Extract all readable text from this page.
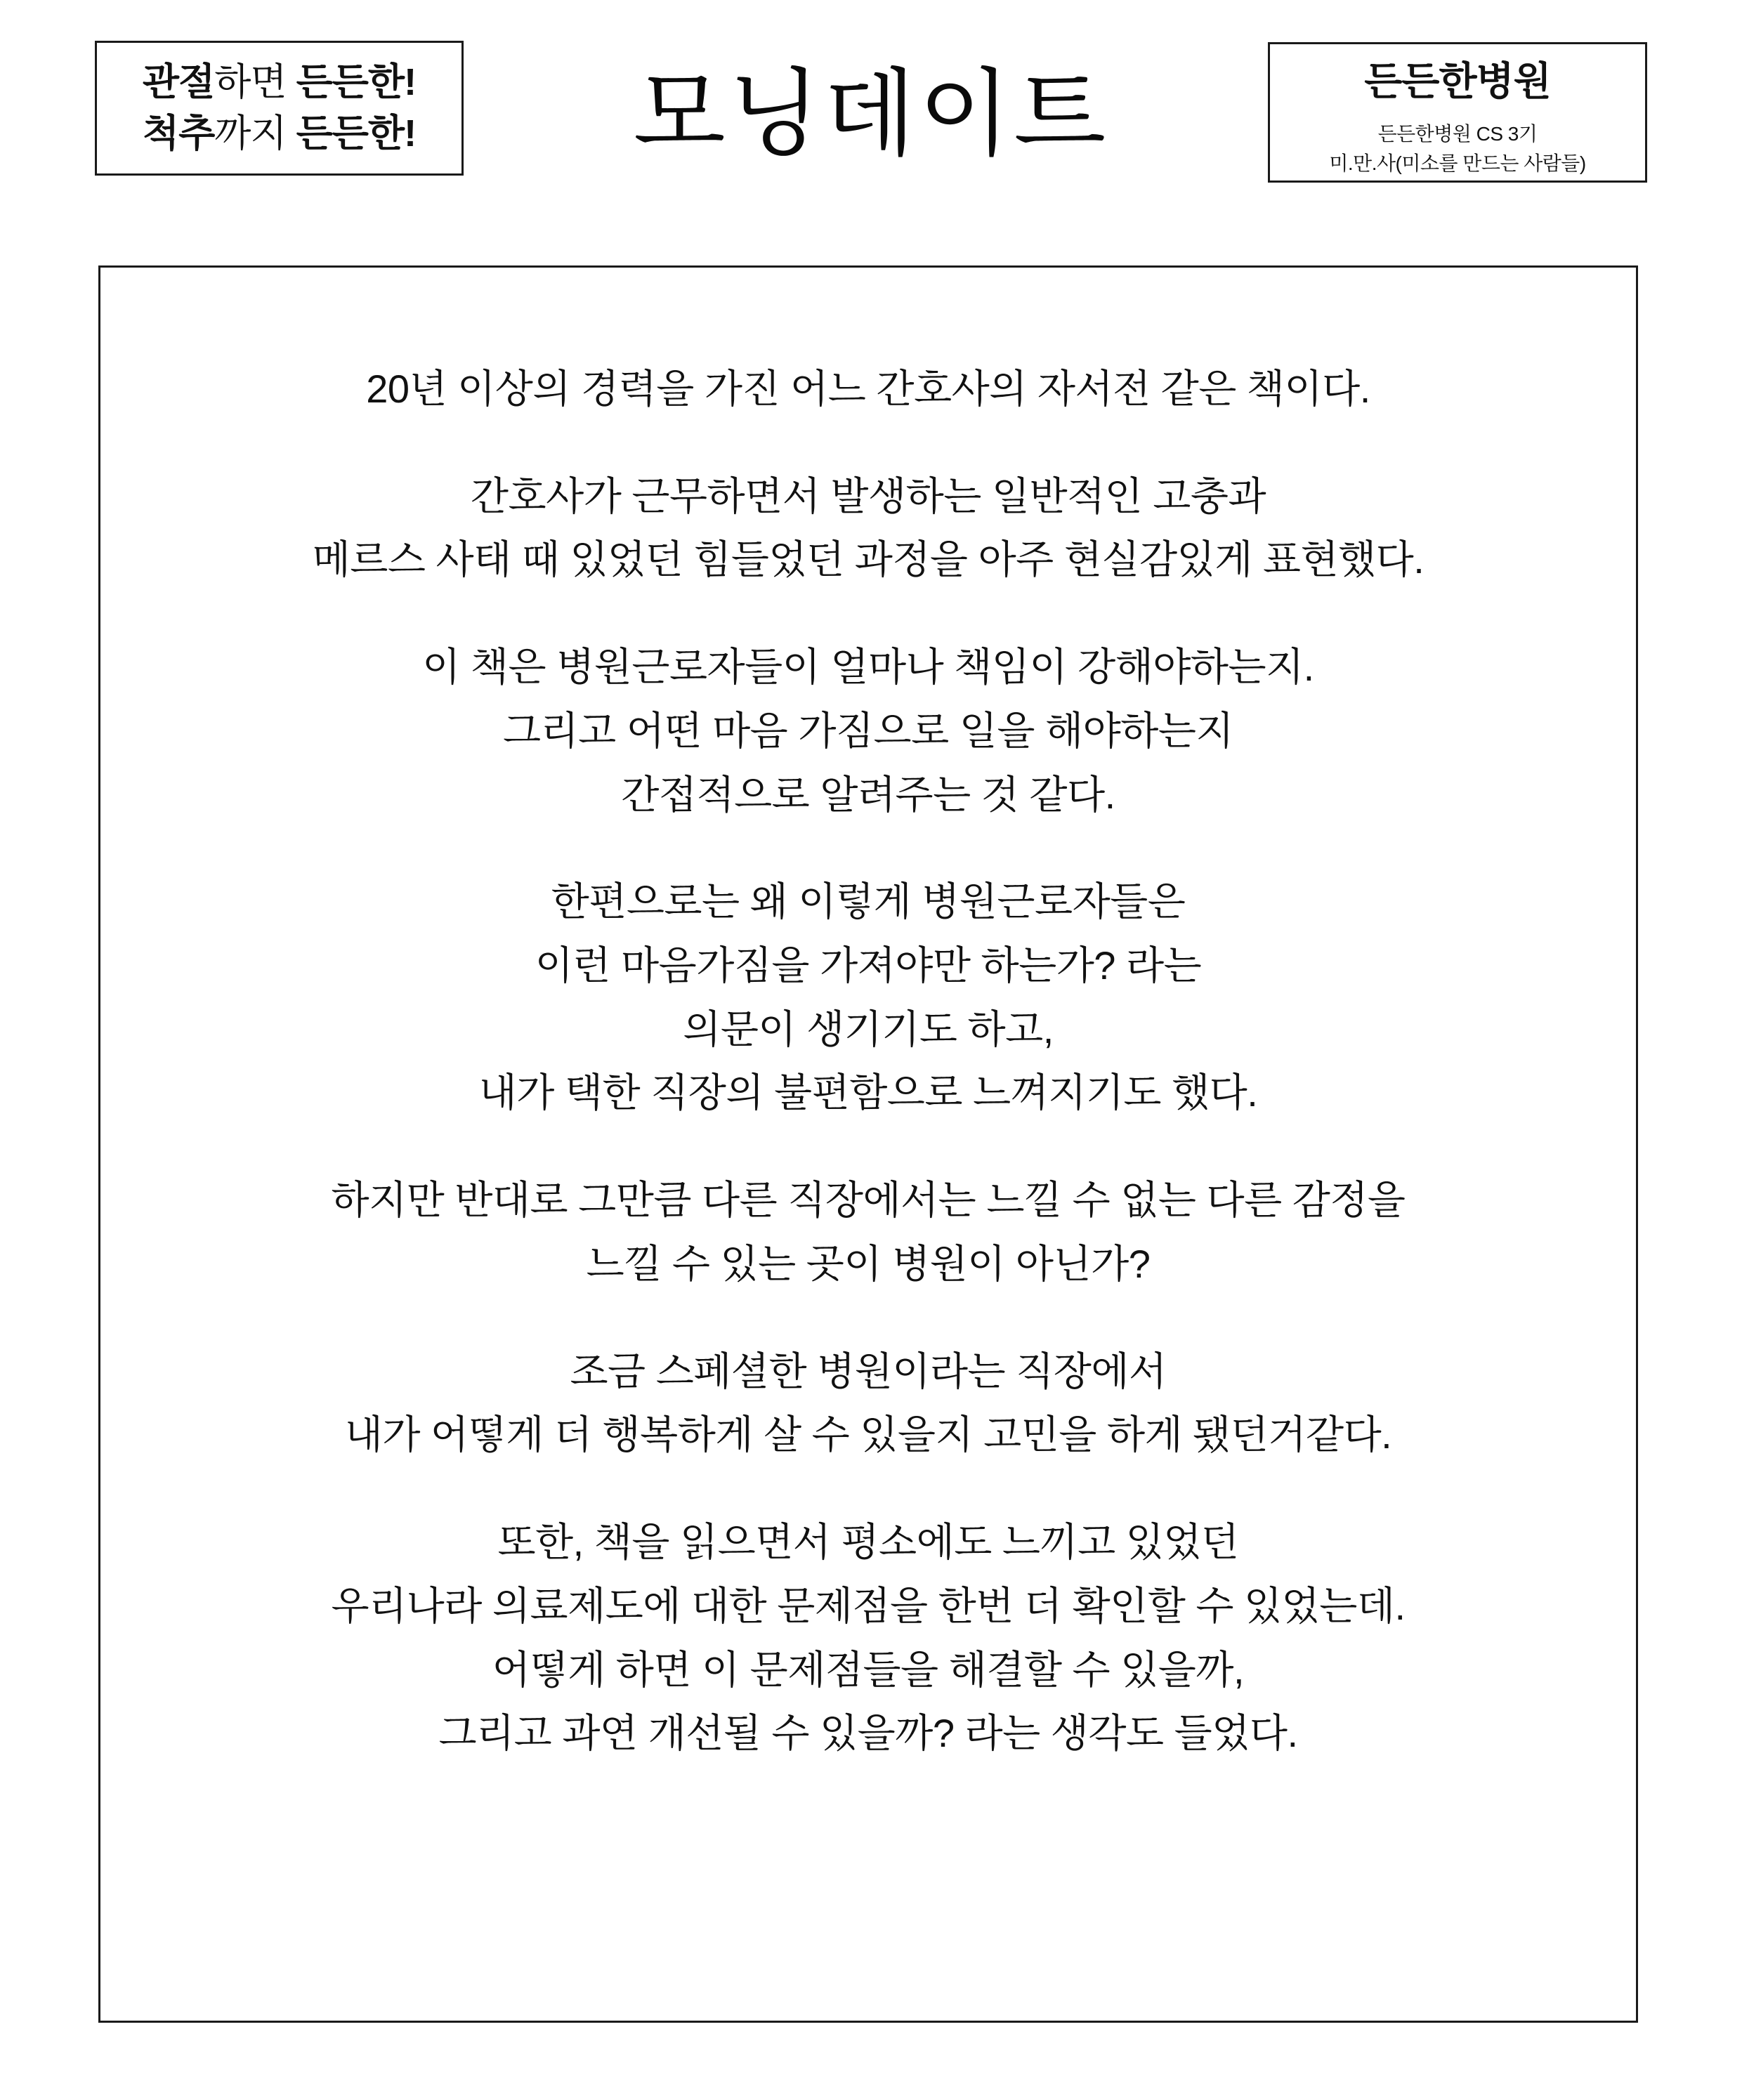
관절하면 든든한!
척추까지 든든한!	모닝데이트	든든한병원
든든한병원 CS 3기
미.만.사(미소를 만드는 사람들)

20년 이상의 경력을 가진 어느 간호사의 자서전 같은 책이다.

간호사가 근무하면서 발생하는 일반적인 고충과
메르스 사태 때 있었던 힘들었던 과정을 아주 현실감있게 표현했다.

이 책은 병원근로자들이 얼마나 책임이 강해야하는지.
그리고 어떤 마음 가짐으로 일을 해야하는지
간접적으로 알려주는 것 같다.

한편으로는 왜 이렇게 병원근로자들은
이런 마음가짐을 가져야만 하는가? 라는
의문이 생기기도 하고,
내가 택한 직장의 불편함으로 느껴지기도 했다.

하지만 반대로 그만큼 다른 직장에서는 느낄 수 없는 다른 감정을
느낄 수 있는 곳이 병원이 아닌가?

조금 스페셜한 병원이라는 직장에서
내가 어떻게 더 행복하게 살 수 있을지 고민을 하게 됐던거같다.

또한, 책을 읽으면서 평소에도 느끼고 있었던
우리나라 의료제도에 대한 문제점을 한번 더 확인할 수 있었는데.
어떻게 하면 이 문제점들을 해결할 수 있을까,
그리고 과연 개선될 수 있을까? 라는 생각도 들었다.
